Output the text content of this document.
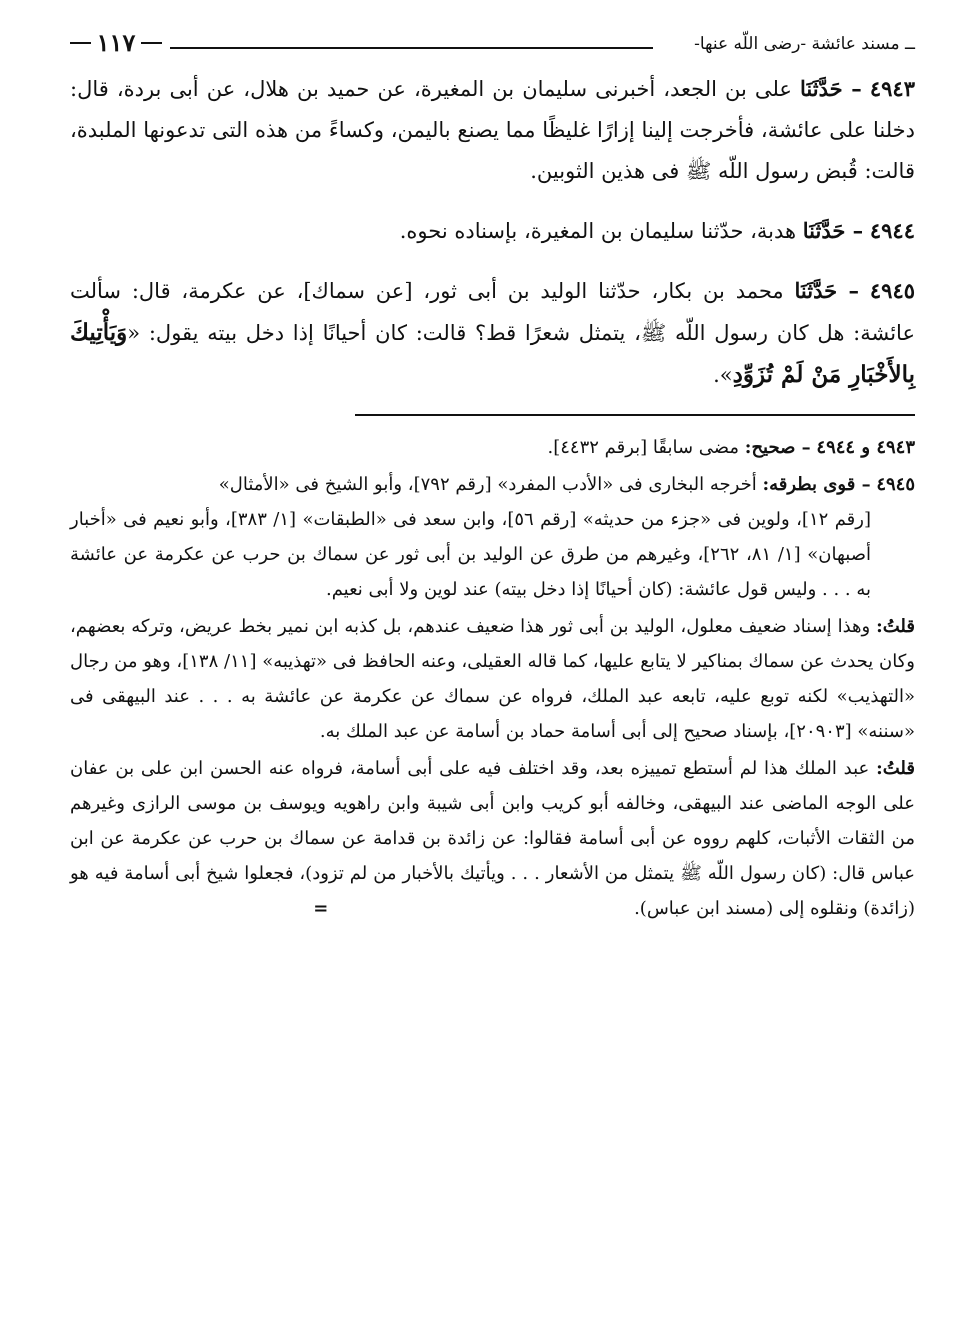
ــ مسند عائشة -رضى اللّه عنها-
١١٧

٤٩٤٣ – حَدَّثَنَا على بن الجعد، أخبرنى سليمان بن المغيرة، عن حميد بن هلال، عن أبى بردة، قال: دخلنا على عائشة، فأخرجت إلينا إزارًا غليظًا مما يصنع باليمن، وكساءً من هذه التى تدعونها الملبدة، قالت: قُبض رسول اللّه ﷺ فى هذين الثوبين.

٤٩٤٤ – حَدَّثَنَا هدبة، حدّثنا سليمان بن المغيرة، بإسناده نحوه.

٤٩٤٥ – حَدَّثَنَا محمد بن بكار، حدّثنا الوليد بن أبى ثور، [عن سماك]، عن عكرمة، قال: سألت عائشة: هل كان رسول اللّه ﷺ، يتمثل شعرًا قط؟ قالت: كان أحيانًا إذا دخل بيته يقول: «وَيَأْتِيكَ بِالأَخْبَارِ مَنْ لَمْ تُزَوِّدِ».

٤٩٤٣ و ٤٩٤٤ – صحيح: مضى سابقًا [برقم ٤٤٣٢].

٤٩٤٥ – قوى بطرقه: أخرجه البخارى فى «الأدب المفرد» [رقم ٧٩٢]، وأبو الشيخ فى «الأمثال»
[رقم ١٢]، ولوين فى «جزء من حديثه» [رقم ٥٦]، وابن سعد فى «الطبقات» [١/ ٣٨٣]، وأبو نعيم فى «أخبار أصبهان» [١/ ٨١، ٢٦٢]، وغيرهم من طرق عن الوليد بن أبى ثور عن سماك بن حرب عن عكرمة عن عائشة به . . . وليس قول عائشة: (كان أحيانًا إذا دخل بيته) عند لوين ولا أبى نعيم.

قلتُ: وهذا إسناد ضعيف معلول، الوليد بن أبى ثور هذا ضعيف عندهم، بل كذبه ابن نمير بخط عريض، وتركه بعضهم، وكان يحدث عن سماك بمناكير لا يتابع عليها، كما قاله العقيلى، وعنه الحافظ فى «تهذيبه» [١١/ ١٣٨]، وهو من رجال «التهذيب» لكنه توبع عليه، تابعه عبد الملك، فرواه عن سماك عن عكرمة عن عائشة به . . . عند البيهقى فى «سننه» [٢٠٩٠٣]، بإسناد صحيح إلى أبى أسامة حماد بن أسامة عن عبد الملك به.

قلتُ: عبد الملك هذا لم أستطع تمييزه بعد، وقد اختلف فيه على أبى أسامة، فرواه عنه الحسن ابن على بن عفان على الوجه الماضى عند البيهقى، وخالفه أبو كريب وابن أبى شيبة وابن راهويه ويوسف بن موسى الرازى وغيرهم من الثقات الأثبات، كلهم رووه عن أبى أسامة فقالوا: عن زائدة بن قدامة عن سماك بن حرب عن عكرمة عن ابن عباس قال: (كان رسول اللّه ﷺ يتمثل من الأشعار . . . ويأتيك بالأخبار من لم تزود)، فجعلوا شيخ أبى أسامة فيه هو (زائدة) ونقلوه إلى (مسند ابن عباس). =
